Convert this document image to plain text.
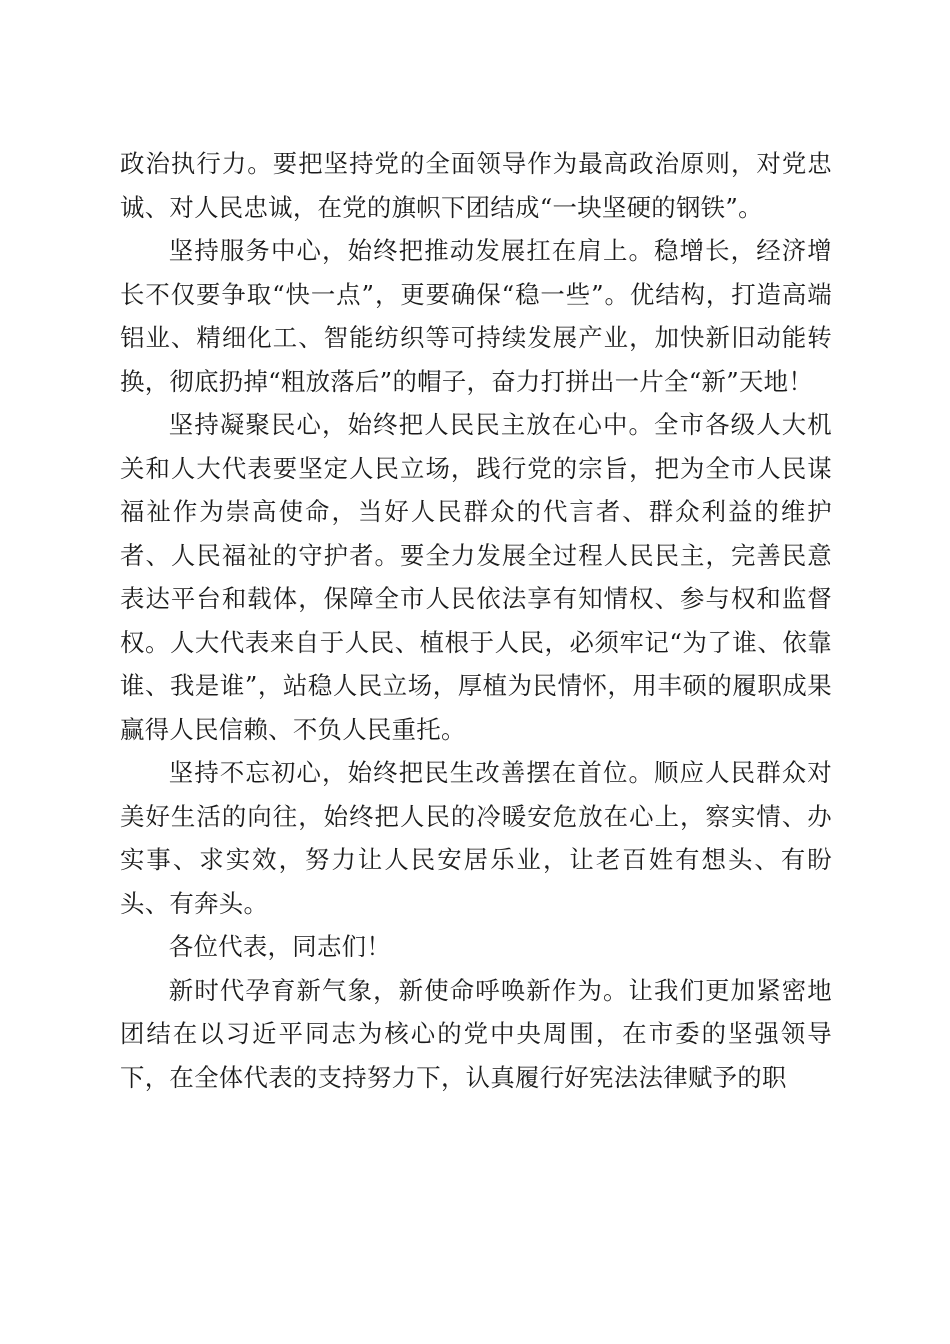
政治执行力。要把坚持党的全面领导作为最高政治原则，对党忠诚、对人民忠诚，在党的旗帜下团结成“一块坚硬的钢铁”。

坚持服务中心，始终把推动发展扛在肩上。稳增长，经济增长不仅要争取“快一点”，更要确保“稳一些”。优结构，打造高端铝业、精细化工、智能纺织等可持续发展产业，加快新旧动能转换，彻底扔掉“粗放落后”的帽子，奋力打拼出一片全“新”天地！

坚持凝聚民心，始终把人民民主放在心中。全市各级人大机关和人大代表要坚定人民立场，践行党的宗旨，把为全市人民谋福祉作为崇高使命，当好人民群众的代言者、群众利益的维护者、人民福祉的守护者。要全力发展全过程人民民主，完善民意表达平台和载体，保障全市人民依法享有知情权、参与权和监督权。人大代表来自于人民、植根于人民，必须牢记“为了谁、依靠谁、我是谁”，站稳人民立场，厚植为民情怀，用丰硕的履职成果赢得人民信赖、不负人民重托。

坚持不忘初心，始终把民生改善摆在首位。顺应人民群众对美好生活的向往，始终把人民的冷暖安危放在心上，察实情、办实事、求实效，努力让人民安居乐业，让老百姓有想头、有盼头、有奔头。

各位代表，同志们！

新时代孕育新气象，新使命呼唤新作为。让我们更加紧密地团结在以习近平同志为核心的党中央周围，在市委的坚强领导下，在全体代表的支持努力下，认真履行好宪法法律赋予的职
